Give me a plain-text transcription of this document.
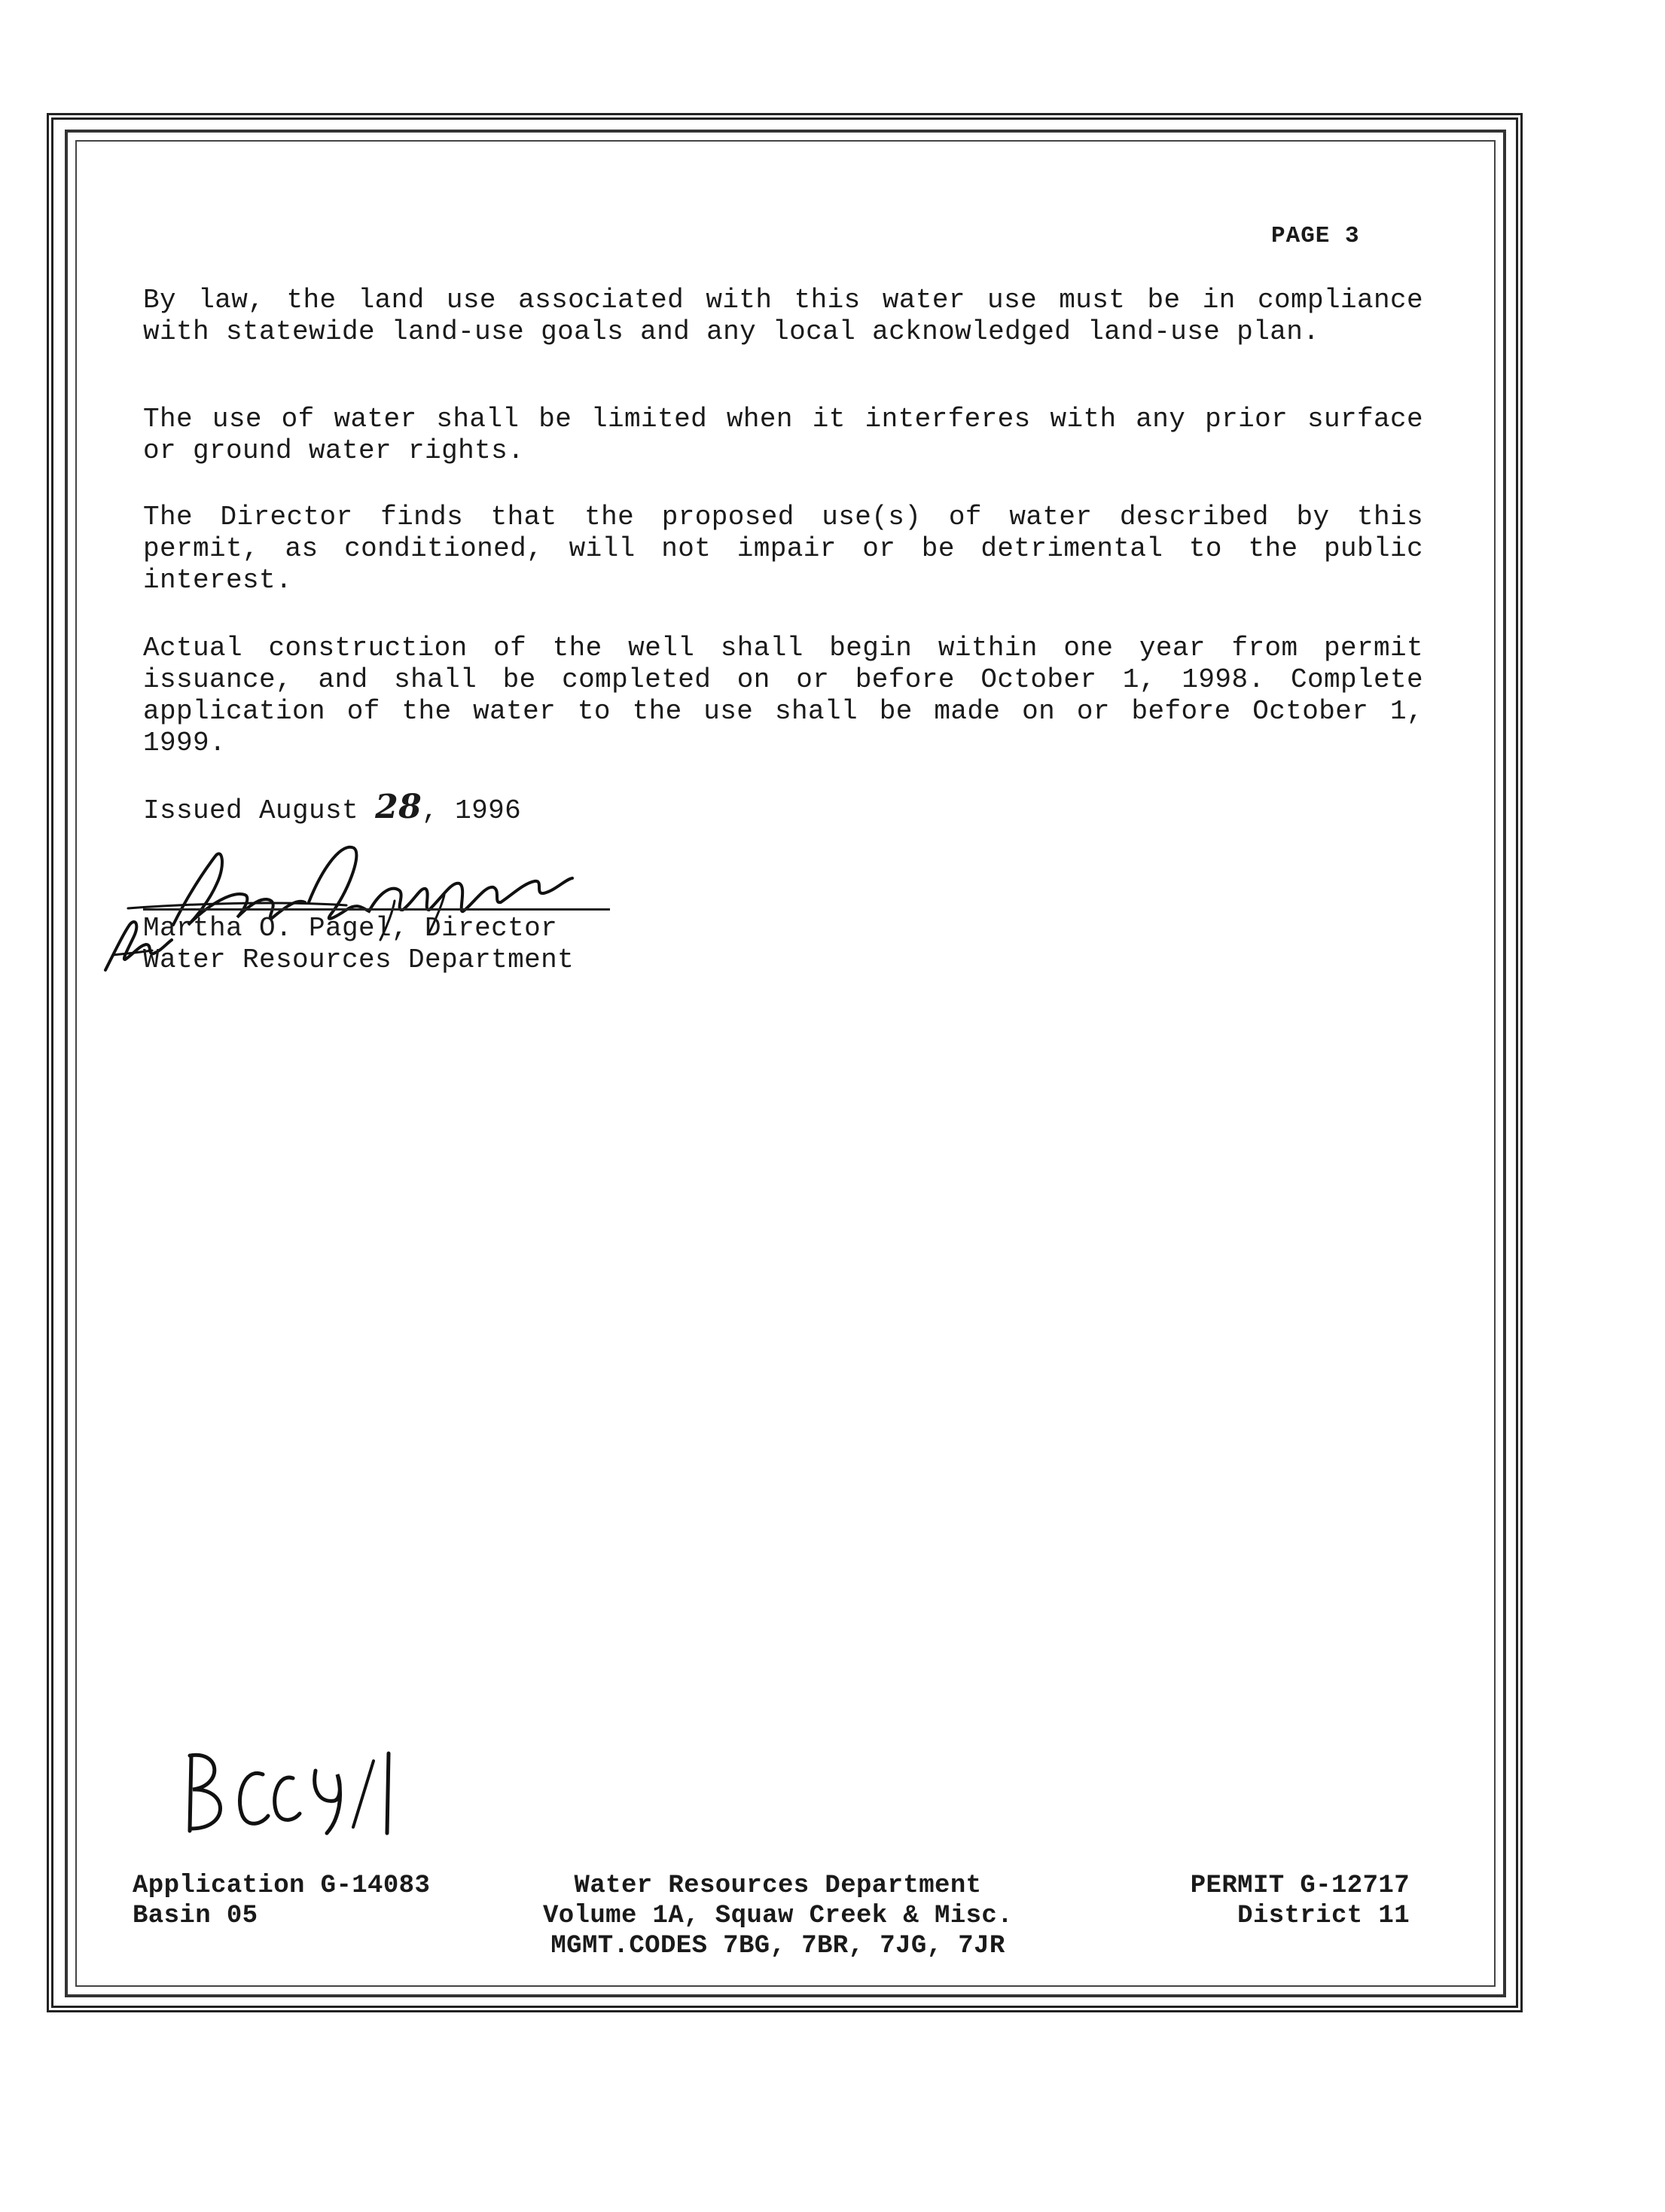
PAGE 3

By law, the land use associated with this water use must be in compliance with statewide land-use goals and any local acknowledged land-use plan.

The use of water shall be limited when it interferes with any prior surface or ground water rights.

The Director finds that the proposed use(s) of water described by this permit, as conditioned, will not impair or be detrimental to the public interest.

Actual construction of the well shall begin within one year from permit issuance, and shall be completed on or before October 1, 1998. Complete application of the water to the use shall be made on or before October 1, 1999.

Issued August 28, 1996

Martha O. Pagel, Director
Water Resources Department
Application G-14083
Basin 05
Water Resources Department
Volume 1A, Squaw Creek & Misc.
MGMT.CODES 7BG, 7BR, 7JG, 7JR
PERMIT G-12717
District 11
